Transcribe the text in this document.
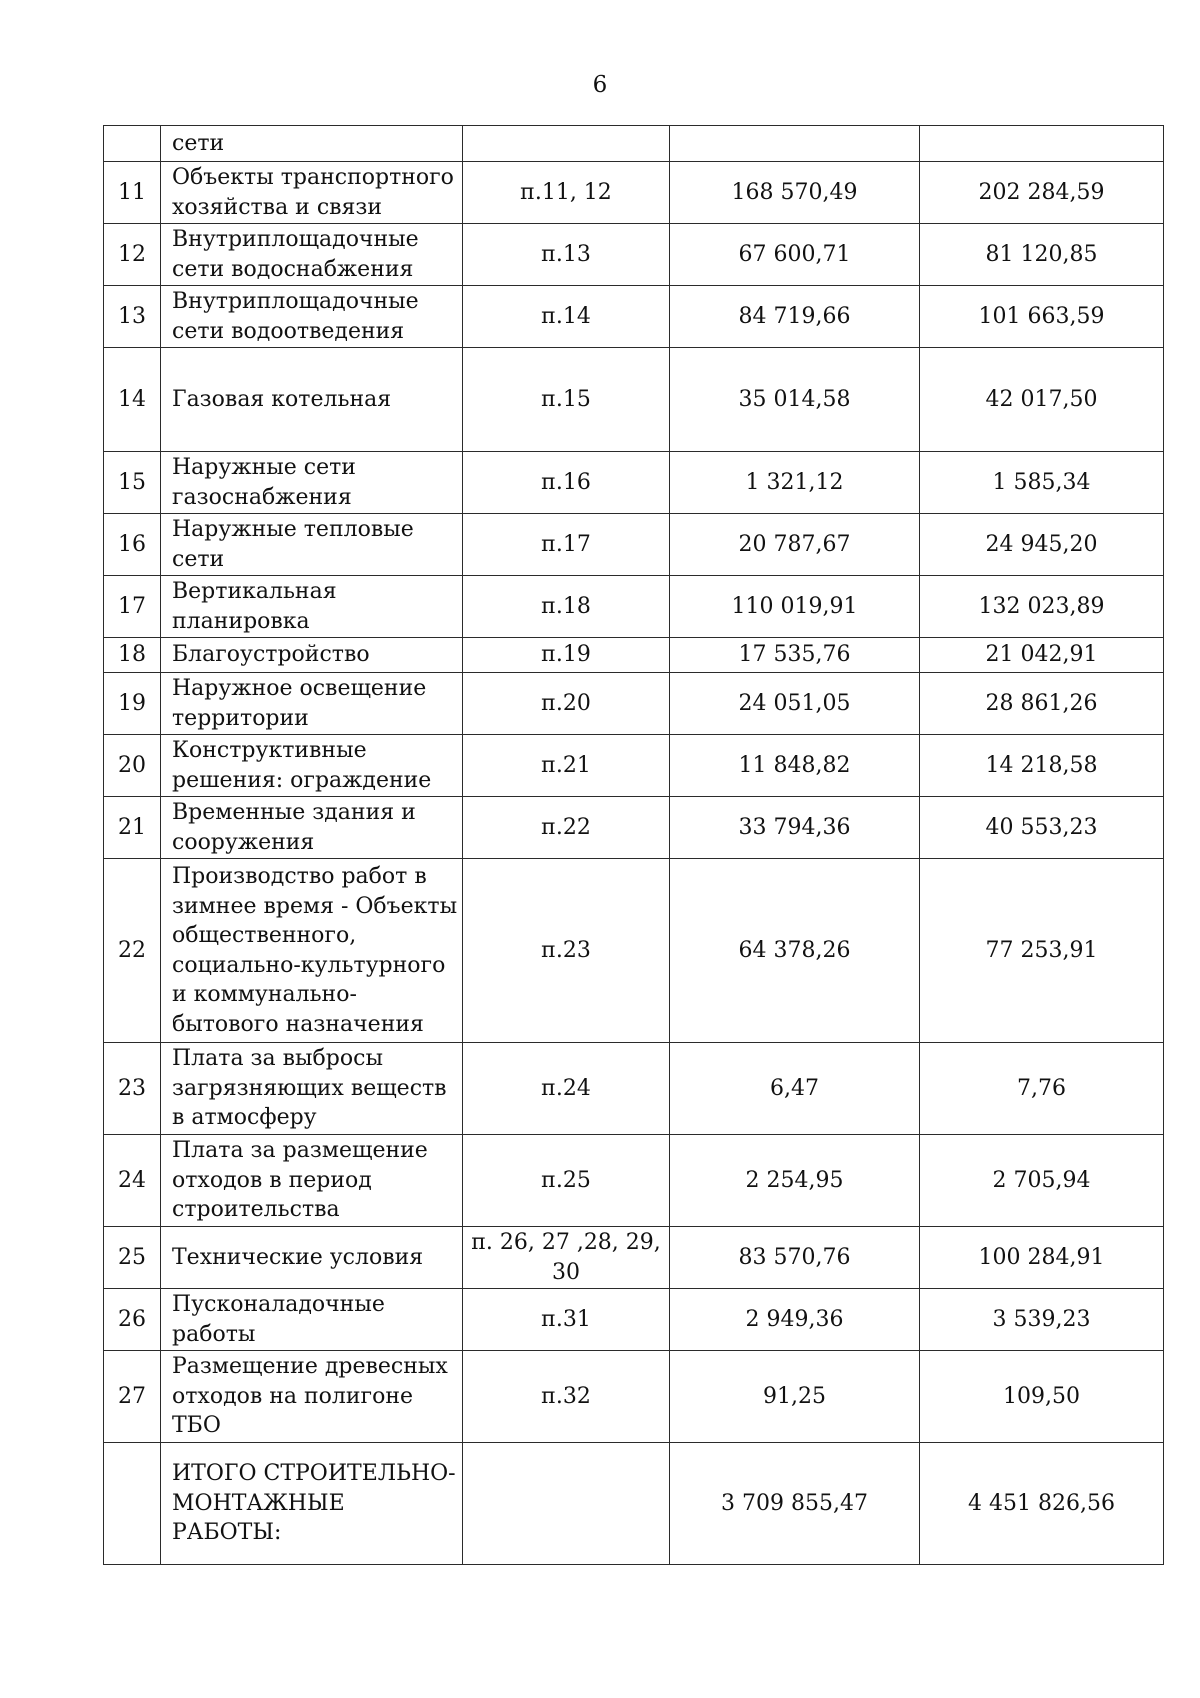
6
	сети			
11	Объекты транспортного хозяйства и связи	п.11, 12	168 570,49	202 284,59
12	Внутриплощадочные сети водоснабжения	п.13	67 600,71	81 120,85
13	Внутриплощадочные сети водоотведения	п.14	84 719,66	101 663,59
14	Газовая котельная	п.15	35 014,58	42 017,50
15	Наружные сети газоснабжения	п.16	1 321,12	1 585,34
16	Наружные тепловые сети	п.17	20 787,67	24 945,20
17	Вертикальная планировка	п.18	110 019,91	132 023,89
18	Благоустройство	п.19	17 535,76	21 042,91
19	Наружное освещение территории	п.20	24 051,05	28 861,26
20	Конструктивные решения: ограждение	п.21	11 848,82	14 218,58
21	Временные здания и сооружения	п.22	33 794,36	40 553,23
22	Производство работ в зимнее время - Объекты общественного, социально-культурного и коммунально-бытового назначения	п.23	64 378,26	77 253,91
23	Плата за выбросы загрязняющих веществ в атмосферу	п.24	6,47	7,76
24	Плата за размещение отходов в период строительства	п.25	2 254,95	2 705,94
25	Технические условия	п. 26, 27 ,28, 29, 30	83 570,76	100 284,91
26	Пусконаладочные работы	п.31	2 949,36	3 539,23
27	Размещение древесных отходов на полигоне ТБО	п.32	91,25	109,50
	ИТОГО СТРОИТЕЛЬНО-МОНТАЖНЫЕ РАБОТЫ:		3 709 855,47	4 451 826,56
